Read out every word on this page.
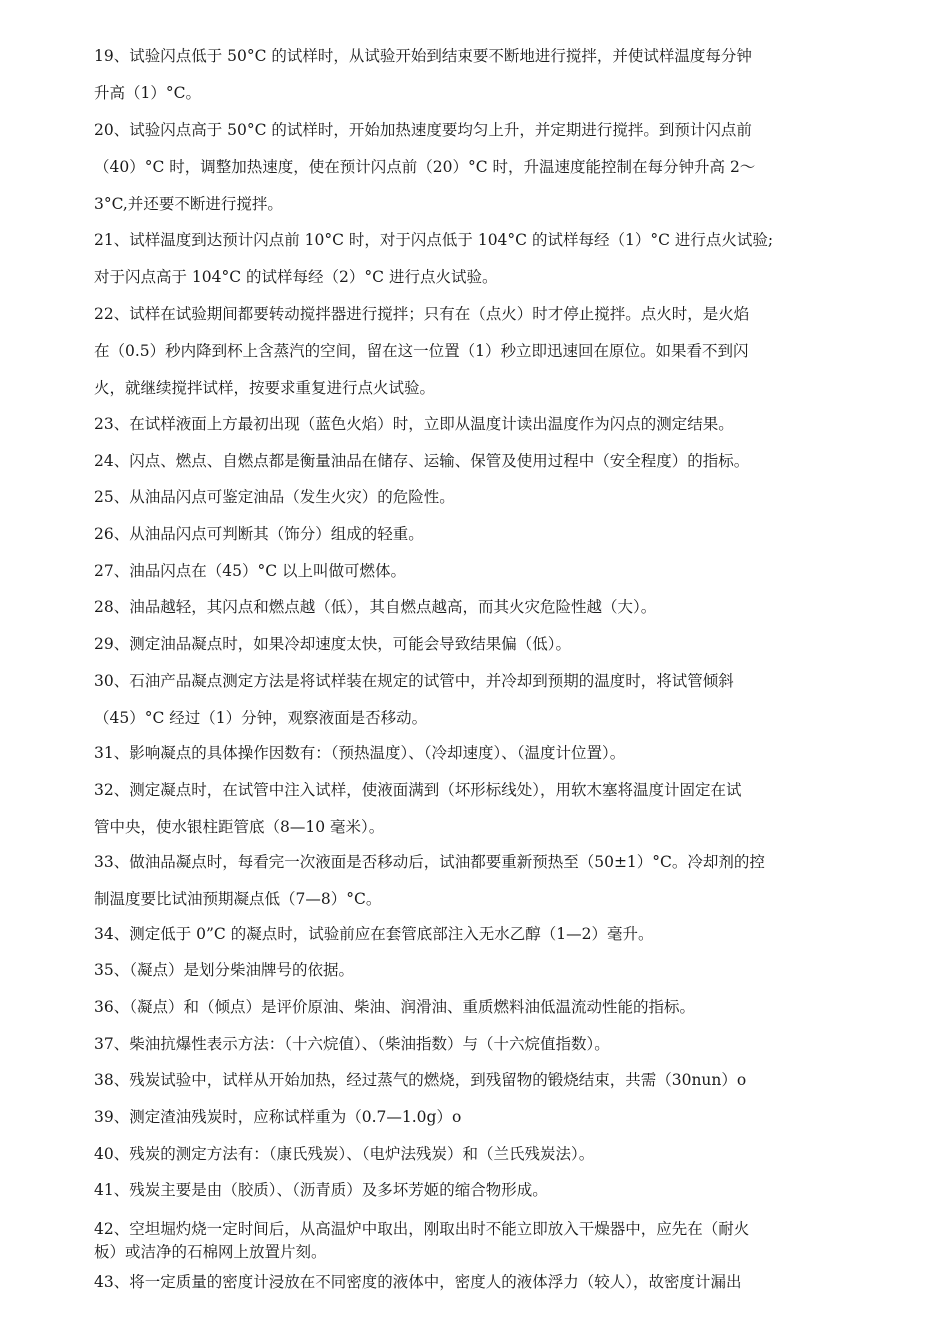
19、试验闪点低于 50°C 的试样时，从试验开始到结束要不断地进行搅拌，并使试样温度每分钟
升高（1）°C。
20、试验闪点高于 50°C 的试样时，开始加热速度要均匀上升，并定期进行搅拌。到预计闪点前
（40）°C 时，调整加热速度，使在预计闪点前（20）°C 时，升温速度能控制在每分钟升高 2〜
3°C,并还要不断进行搅拌。
21、试样温度到达预计闪点前 10°C 时，对于闪点低于 104°C 的试样每经（1）°C 进行点火试验;
对于闪点高于 104°C 的试样每经（2）°C 进行点火试验。
22、试样在试验期间都要转动搅拌器进行搅拌；只有在（点火）时才停止搅拌。点火时，是火焰
在（0.5）秒内降到杯上含蒸汽的空间，留在这一位置（1）秒立即迅速回在原位。如果看不到闪
火，就继续搅拌试样，按要求重复进行点火试验。
23、在试样液面上方最初出现（蓝色火焰）时，立即从温度计读出温度作为闪点的测定结果。
24、闪点、燃点、自燃点都是衡量油品在储存、运输、保管及使用过程中（安全程度）的指标。
25、从油品闪点可鉴定油品（发生火灾）的危险性。
26、从油品闪点可判断其（饰分）组成的轻重。
27、油品闪点在（45）°C 以上叫做可燃体。
28、油品越轻，其闪点和燃点越（低），其自燃点越高，而其火灾危险性越（大）。
29、测定油品凝点时，如果冷却速度太快，可能会导致结果偏（低）。
30、石油产品凝点测定方法是将试样装在规定的试管中，并冷却到预期的温度时，将试管倾斜
（45）°C 经过（1）分钟，观察液面是否移动。
31、影响凝点的具体操作因数有：（预热温度）、（冷却速度）、（温度计位置）。
32、测定凝点时，在试管中注入试样，使液面满到（坏形标线处），用软木塞将温度计固定在试
管中央，使水银柱距管底（8—10 毫米）。
33、做油品凝点时，每看完一次液面是否移动后，试油都要重新预热至（50±1）°C。冷却剂的控
制温度要比试油预期凝点低（7—8）°C。
34、测定低于 0”C 的凝点时，试验前应在套管底部注入无水乙醇（1—2）毫升。
35、（凝点）是划分柴油牌号的依据。
36、（凝点）和（倾点）是评价原油、柴油、润滑油、重质燃料油低温流动性能的指标。
37、柴油抗爆性表示方法：（十六烷值）、（柴油指数）与（十六烷值指数）。
38、残炭试验中，试样从开始加热，经过蒸气的燃烧，到残留物的锻烧结束，共需（30nun）o
39、测定渣油残炭时，应称试样重为（0.7—1.0g）o
40、残炭的测定方法有：（康氏残炭）、（电炉法残炭）和（兰氏残炭法）。
41、残炭主要是由（胶质）、（沥青质）及多坏芳姬的缩合物形成。
42、空坦堀灼烧一定时间后，从高温炉中取出，刚取出时不能立即放入干燥器中，应先在（耐火
板）或洁净的石棉网上放置片刻。
43、将一定质量的密度计浸放在不同密度的液体中，密度人的液体浮力（较人），故密度计漏出
